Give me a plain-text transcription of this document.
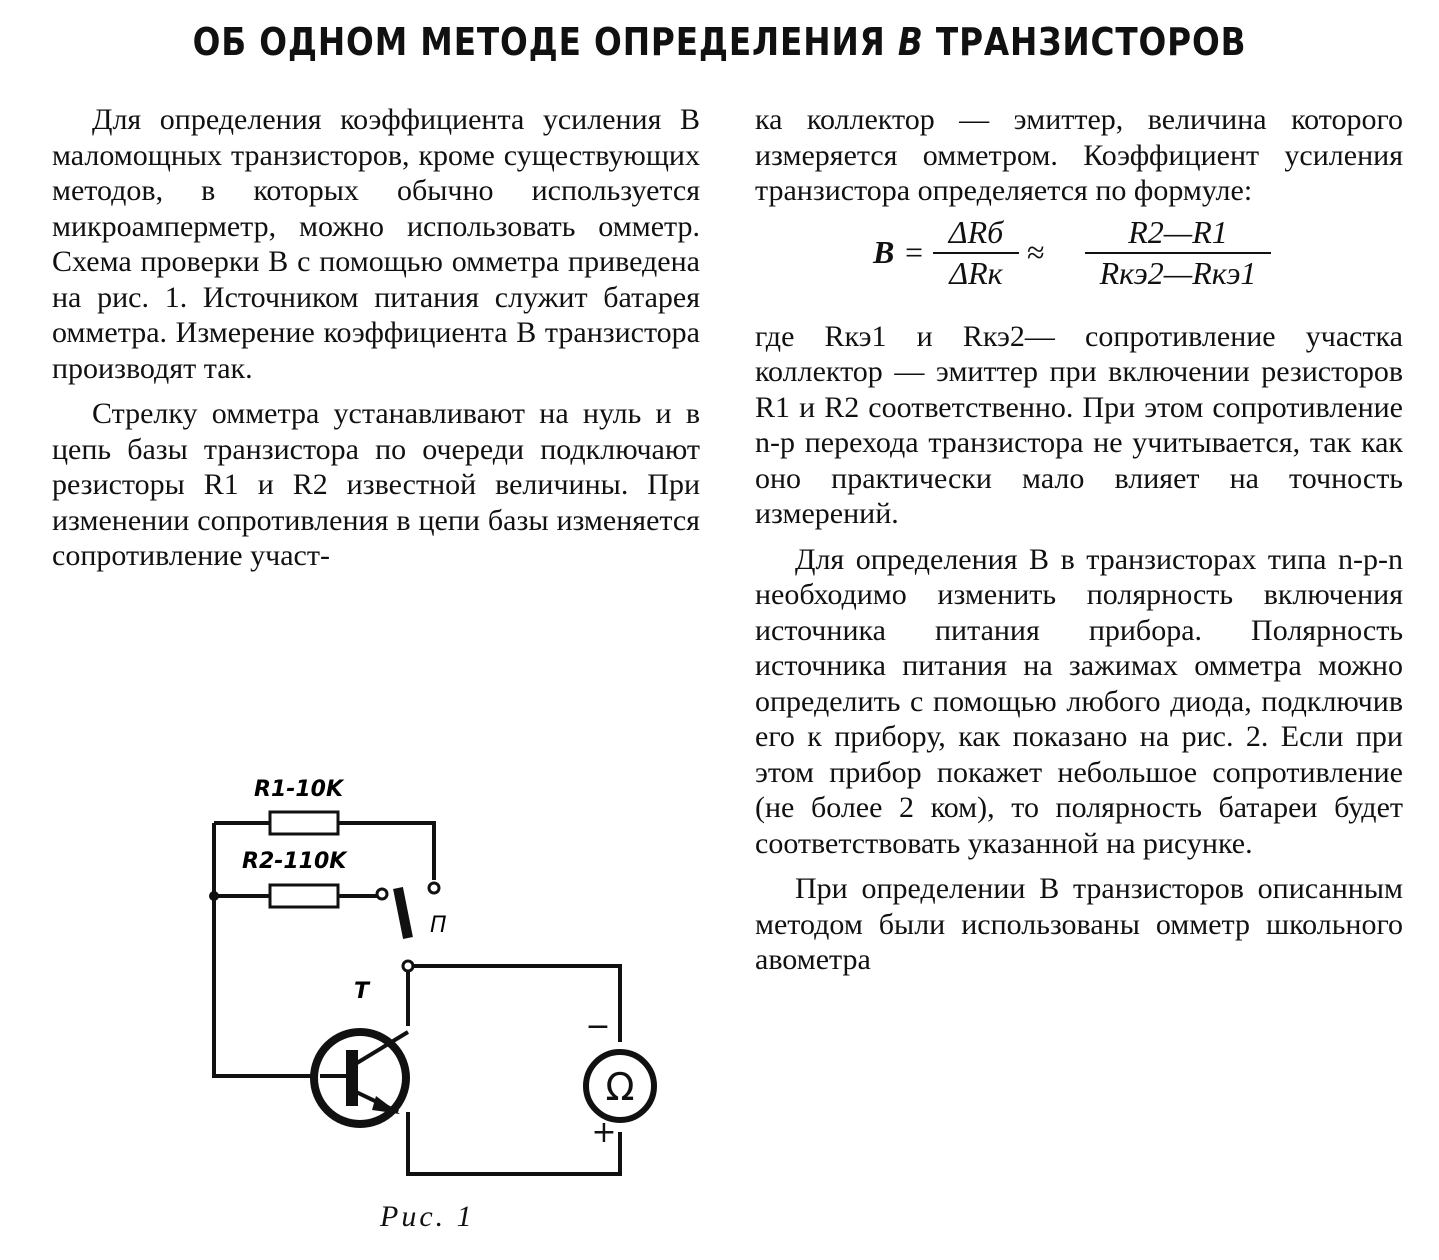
ОБ ОДНОМ МЕТОДЕ ОПРЕДЕЛЕНИЯ B ТРАНЗИСТОРОВ

Для определения коэффициента усиления B маломощных транзисторов, кроме существующих методов, в которых обычно используется микроамперметр, можно использовать омметр. Схема проверки B с помощью омметра приведена на рис. 1. Источником питания служит батарея омметра. Измерение коэффициента B транзистора производят так.

Стрелку омметра устанавливают на нуль и в цепь базы транзистора по очереди подключают резисторы R1 и R2 известной величины. При изменении сопротивления в цепи базы изменяется сопротивление участ-

ка коллектор — эмиттер, величина которого измеряется омметром. Коэффициент усиления транзистора определяется по формуле:

B =
ΔRб
ΔRк
≈
R2—R1
Rкэ2—Rкэ1

где Rкэ1 и Rкэ2— сопротивление участка коллектор — эмиттер при включении резисторов R1 и R2 соответственно. При этом сопротивление n-p перехода транзистора не учитывается, так как оно практически мало влияет на точность измерений.

Для определения B в транзисторах типа n-p-n необходимо изменить полярность включения источника питания прибора. Полярность источника питания на зажимах омметра можно определить с помощью любого диода, подключив его к прибору, как показано на рис. 2. Если при этом прибор покажет небольшое сопротивление (не более 2 ком), то полярность батареи будет соответствовать указанной на рисунке.

При определении B транзисторов описанным методом были использованы омметр школьного авометра

Ω
−
+
R1-10K
R2-110K
П
T
Рис. 1
